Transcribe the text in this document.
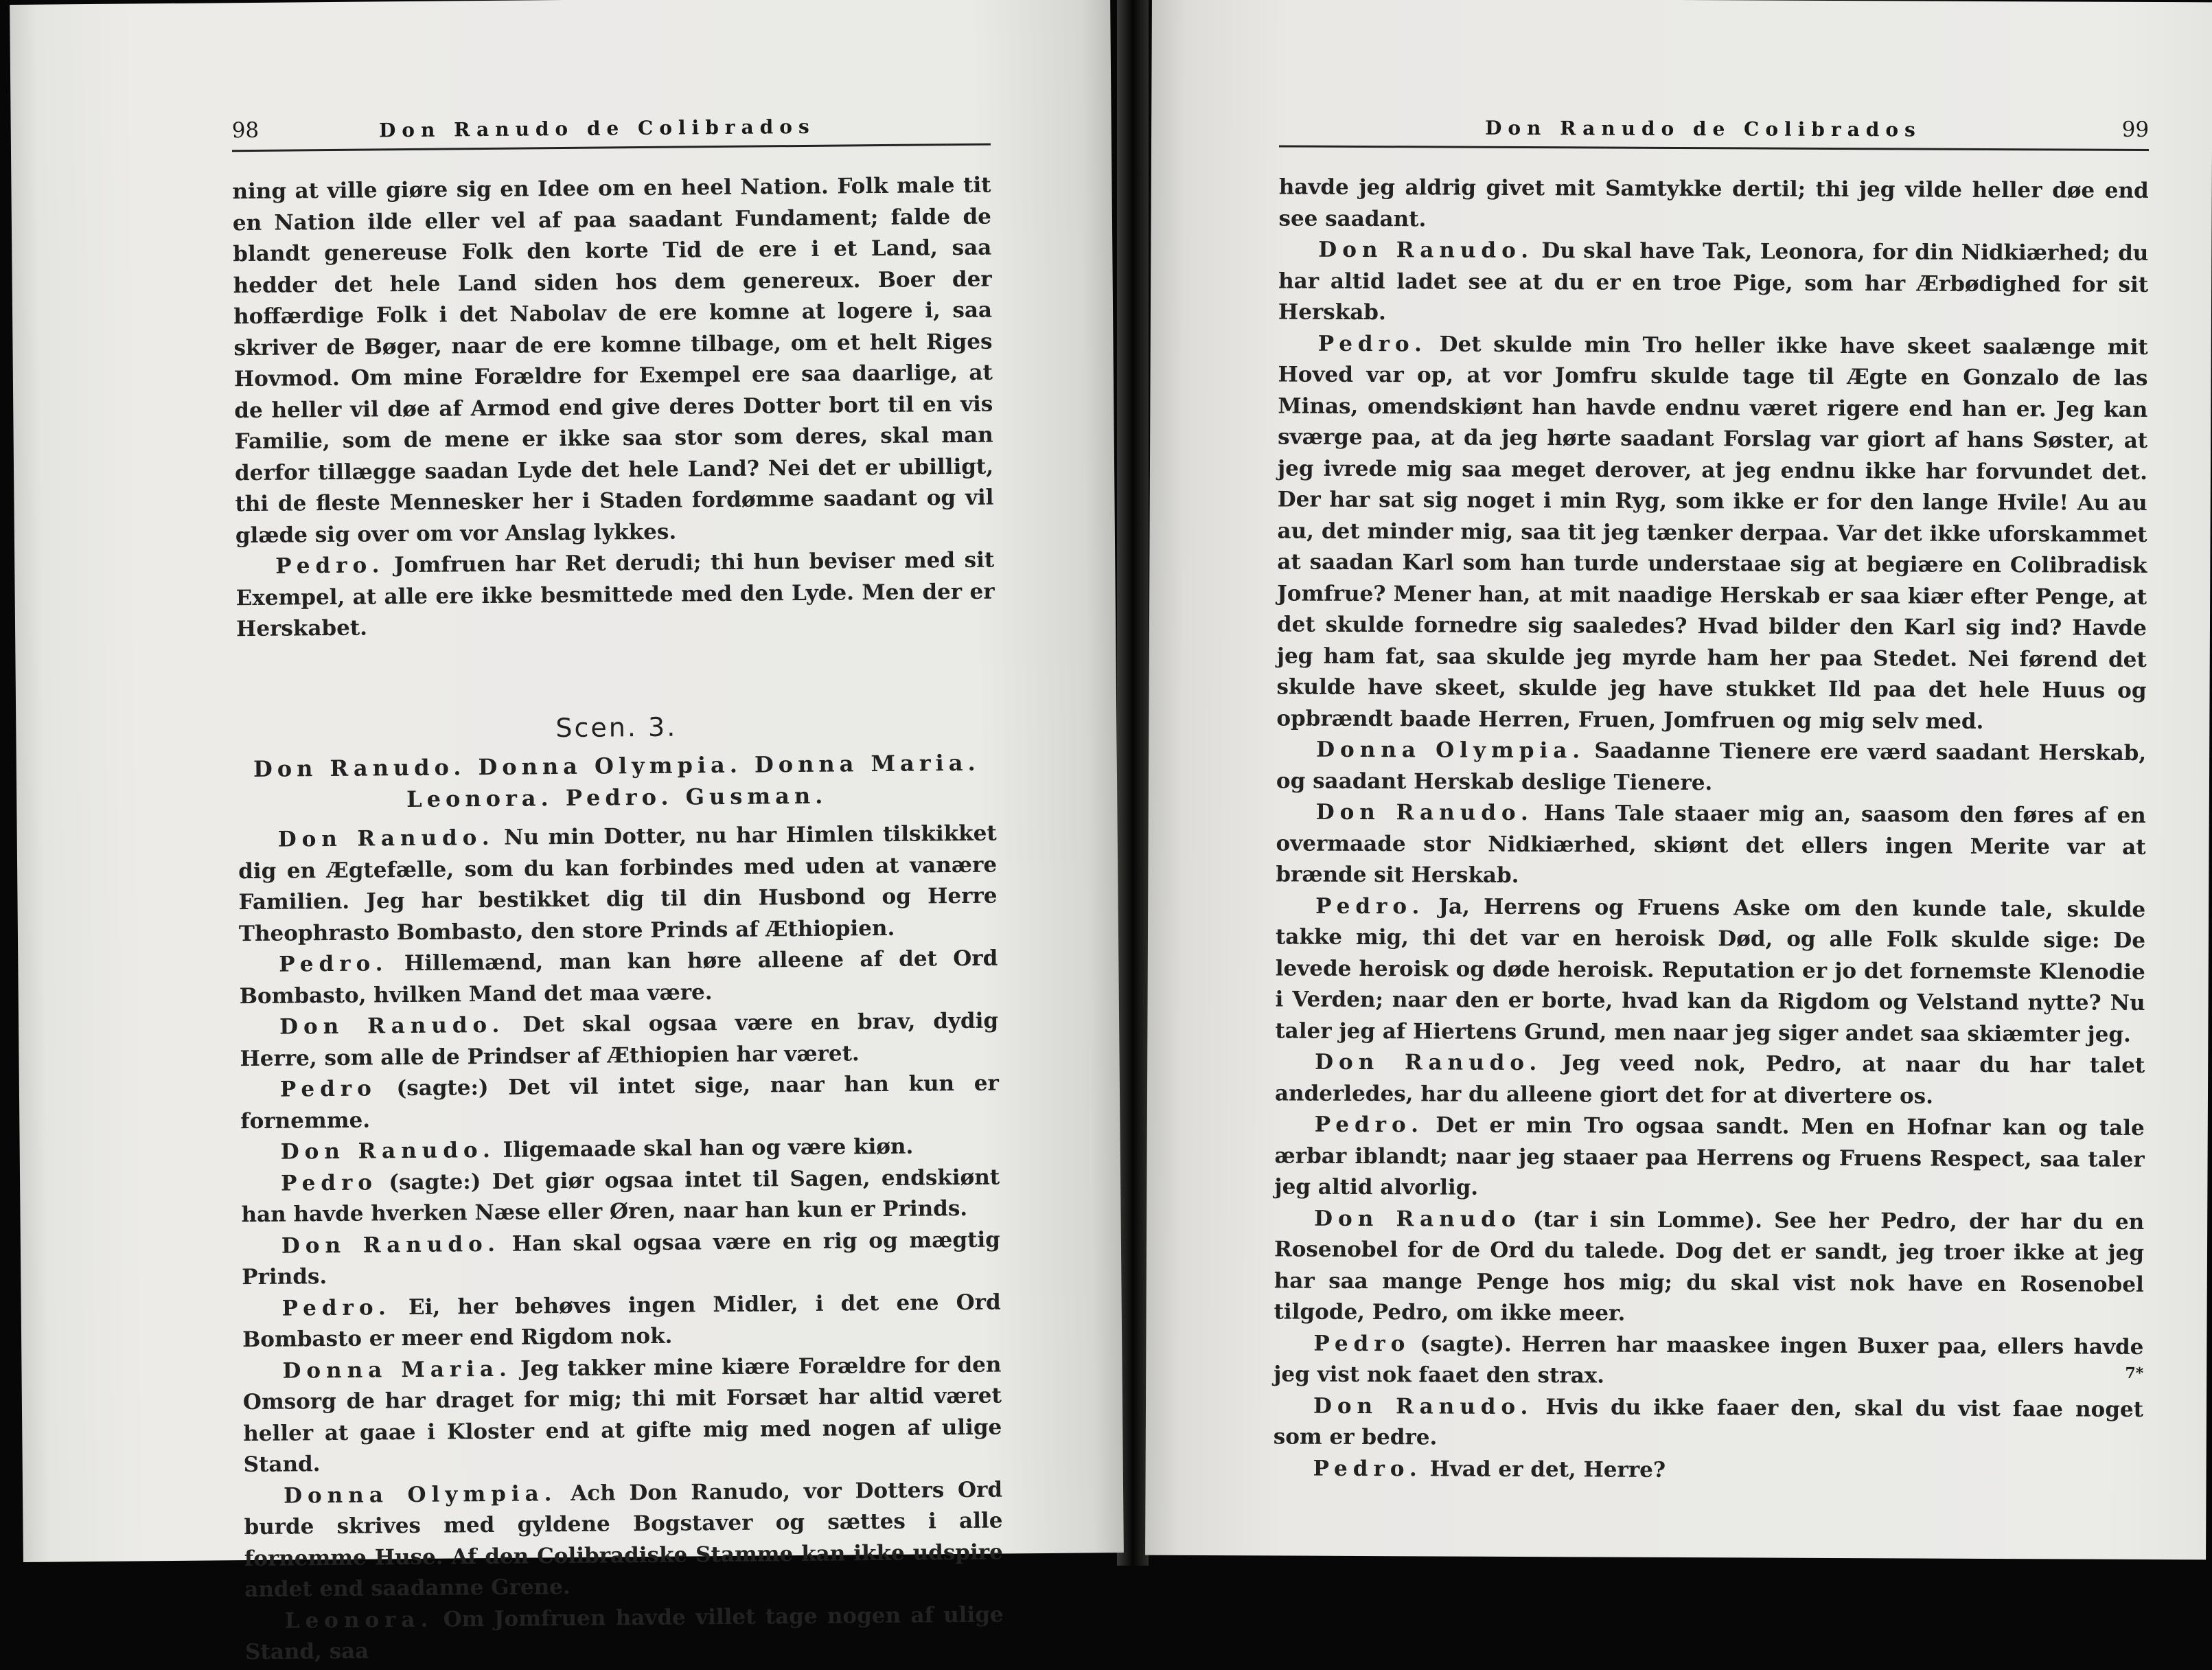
98	Don Ranudo de Colibrados

ning at ville giøre sig en Idee om en heel Nation. Folk male tit en Nation ilde eller vel af paa saadant Fundament; falde de blandt genereuse Folk den korte Tid de ere i et Land, saa hedder det hele Land siden hos dem genereux. Boer der hoffærdige Folk i det Nabolav de ere komne at logere i, saa skriver de Bøger, naar de ere komne tilbage, om et helt Riges Hovmod. Om mine Forældre for Exempel ere saa daarlige, at de heller vil døe af Armod end give deres Dotter bort til en vis Familie, som de mene er ikke saa stor som deres, skal man derfor tillægge saadan Lyde det hele Land? Nei det er ubilligt, thi de fleste Mennesker her i Staden fordømme saadant og vil glæde sig over om vor Anslag lykkes.

Pedro. Jomfruen har Ret derudi; thi hun beviser med sit Exempel, at alle ere ikke besmittede med den Lyde. Men der er Herskabet.

Scen. 3.
Don Ranudo. Donna Olympia. Donna Maria.
Leonora. Pedro. Gusman.

Don Ranudo. Nu min Dotter, nu har Himlen tilskikket dig en Ægtefælle, som du kan forbindes med uden at vanære Familien. Jeg har bestikket dig til din Husbond og Herre Theophrasto Bombasto, den store Prinds af Æthiopien.

Pedro. Hillemænd, man kan høre alleene af det Ord Bombasto, hvilken Mand det maa være.

Don Ranudo. Det skal ogsaa være en brav, dydig Herre, som alle de Prindser af Æthiopien har været.

Pedro (sagte:) Det vil intet sige, naar han kun er fornemme.

Don Ranudo. Iligemaade skal han og være kiøn.

Pedro (sagte:) Det giør ogsaa intet til Sagen, endskiønt han havde hverken Næse eller Øren, naar han kun er Prinds.

Don Ranudo. Han skal ogsaa være en rig og mægtig Prinds.

Pedro. Ei, her behøves ingen Midler, i det ene Ord Bombasto er meer end Rigdom nok.

Donna Maria. Jeg takker mine kiære Forældre for den Omsorg de har draget for mig; thi mit Forsæt har altid været heller at gaae i Kloster end at gifte mig med nogen af ulige Stand.

Donna Olympia. Ach Don Ranudo, vor Dotters Ord burde skrives med gyldene Bogstaver og sættes i alle fornemme Huse. Af den Colibradiske Stamme kan ikke udspire andet end saadanne Grene.

Leonora. Om Jomfruen havde villet tage nogen af ulige Stand, saa

Don Ranudo de Colibrados	99

havde jeg aldrig givet mit Samtykke dertil; thi jeg vilde heller døe end see saadant.

Don Ranudo. Du skal have Tak, Leonora, for din Nidkiærhed; du har altid ladet see at du er en troe Pige, som har Ærbødighed for sit Herskab.

Pedro. Det skulde min Tro heller ikke have skeet saalænge mit Hoved var op, at vor Jomfru skulde tage til Ægte en Gonzalo de las Minas, omendskiønt han havde endnu været rigere end han er. Jeg kan sværge paa, at da jeg hørte saadant Forslag var giort af hans Søster, at jeg ivrede mig saa meget derover, at jeg endnu ikke har forvundet det. Der har sat sig noget i min Ryg, som ikke er for den lange Hvile! Au au au, det minder mig, saa tit jeg tænker derpaa. Var det ikke uforskammet at saadan Karl som han turde understaae sig at begiære en Colibradisk Jomfrue? Mener han, at mit naadige Herskab er saa kiær efter Penge, at det skulde fornedre sig saaledes? Hvad bilder den Karl sig ind? Havde jeg ham fat, saa skulde jeg myrde ham her paa Stedet. Nei førend det skulde have skeet, skulde jeg have stukket Ild paa det hele Huus og opbrændt baade Herren, Fruen, Jomfruen og mig selv med.

Donna Olympia. Saadanne Tienere ere værd saadant Herskab, og saadant Herskab deslige Tienere.

Don Ranudo. Hans Tale staaer mig an, saasom den føres af en overmaade stor Nidkiærhed, skiønt det ellers ingen Merite var at brænde sit Herskab.

Pedro. Ja, Herrens og Fruens Aske om den kunde tale, skulde takke mig, thi det var en heroisk Død, og alle Folk skulde sige: De levede heroisk og døde heroisk. Reputation er jo det fornemste Klenodie i Verden; naar den er borte, hvad kan da Rigdom og Velstand nytte? Nu taler jeg af Hiertens Grund, men naar jeg siger andet saa skiæmter jeg.

Don Ranudo. Jeg veed nok, Pedro, at naar du har talet anderledes, har du alleene giort det for at divertere os.

Pedro. Det er min Tro ogsaa sandt. Men en Hofnar kan og tale ærbar iblandt; naar jeg staaer paa Herrens og Fruens Respect, saa taler jeg altid alvorlig.

Don Ranudo (tar i sin Lomme). See her Pedro, der har du en Rosenobel for de Ord du talede. Dog det er sandt, jeg troer ikke at jeg har saa mange Penge hos mig; du skal vist nok have en Rosenobel tilgode, Pedro, om ikke meer.

Pedro (sagte). Herren har maaskee ingen Buxer paa, ellers havde jeg vist nok faaet den strax.

Don Ranudo. Hvis du ikke faaer den, skal du vist faae noget som er bedre.

Pedro. Hvad er det, Herre?

7*
